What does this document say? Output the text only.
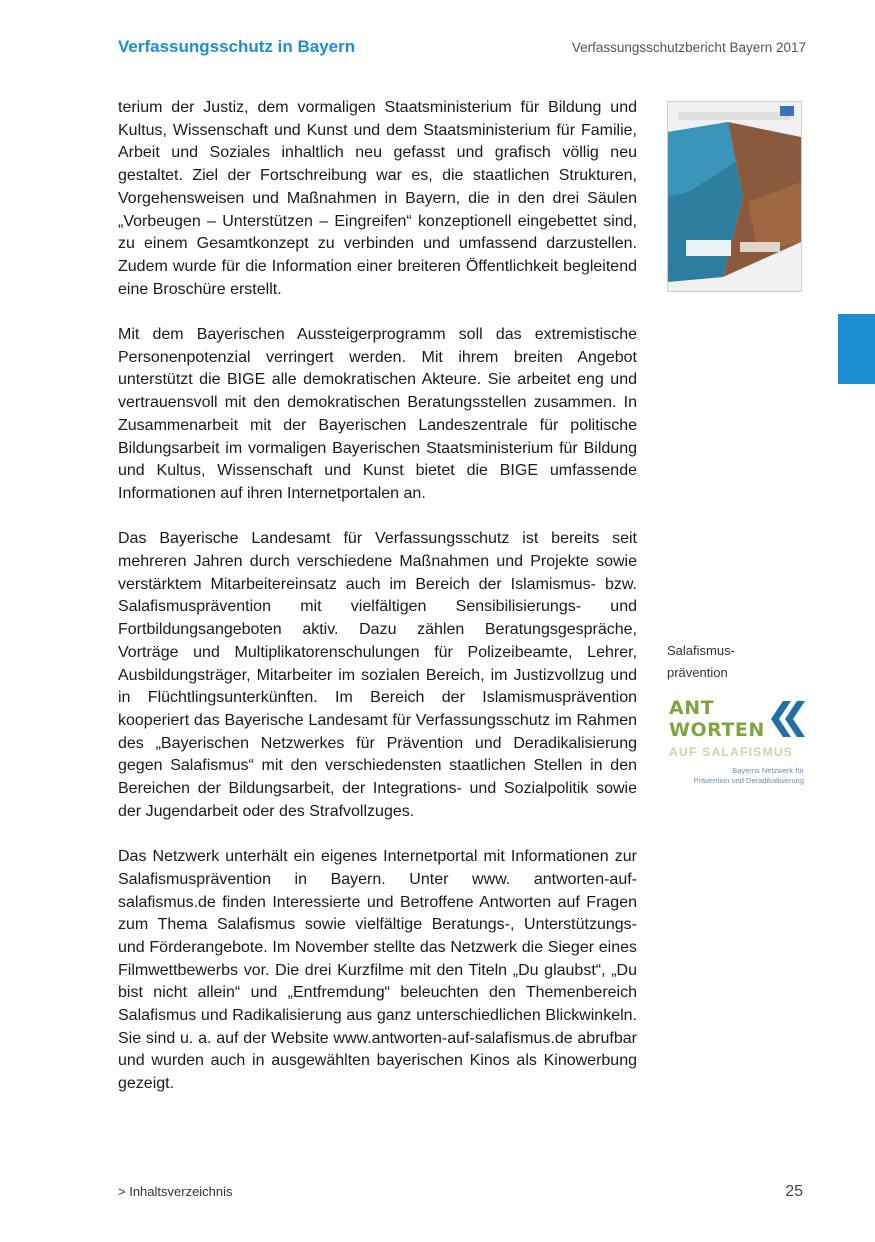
Verfassungsschutz in Bayern	Verfassungsschutzbericht Bayern 2017

terium der Justiz, dem vormaligen Staatsministerium für Bildung und Kultus, Wissenschaft und Kunst und dem Staatsministerium für Familie, Arbeit und Soziales inhaltlich neu gefasst und grafisch völlig neu gestaltet. Ziel der Fortschreibung war es, die staatlichen Strukturen, Vorgehensweisen und Maßnahmen in Bayern, die in den drei Säulen „Vorbeugen – Unterstützen – Eingreifen“ konzeptionell eingebettet sind, zu einem Gesamtkonzept zu verbinden und umfassend darzustellen. Zudem wurde für die Information einer breiteren Öffentlichkeit begleitend eine Broschüre erstellt.

Mit dem Bayerischen Aussteigerprogramm soll das extremistische Personenpotenzial verringert werden. Mit ihrem breiten Angebot unterstützt die BIGE alle demokratischen Akteure. Sie arbeitet eng und vertrauensvoll mit den demokratischen Beratungsstellen zusammen. In Zusammenarbeit mit der Bayerischen Landeszentrale für politische Bildungsarbeit im vormaligen Bayerischen Staatsministerium für Bildung und Kultus, Wissenschaft und Kunst bietet die BIGE umfassende Informationen auf ihren Internetportalen an.

Das Bayerische Landesamt für Verfassungsschutz ist bereits seit mehreren Jahren durch verschiedene Maßnahmen und Projekte sowie verstärktem Mitarbeitereinsatz auch im Bereich der Islamismus- bzw. Salafismusprävention mit vielfältigen Sensibilisierungs- und Fortbildungsangeboten aktiv. Dazu zählen Beratungsgespräche, Vorträge und Multiplikatorenschulungen für Polizeibeamte, Lehrer, Ausbildungsträger, Mitarbeiter im sozialen Bereich, im Justizvollzug und in Flüchtlingsunterkünften. Im Bereich der Islamismusprävention kooperiert das Bayerische Landesamt für Verfassungsschutz im Rahmen des „Bayerischen Netzwerkes für Prävention und Deradikalisierung gegen Salafismus“ mit den verschiedensten staatlichen Stellen in den Bereichen der Bildungsarbeit, der Integrations- und Sozialpolitik sowie der Jugendarbeit oder des Strafvollzuges.

Das Netzwerk unterhält ein eigenes Internetportal mit Informationen zur Salafismusprävention in Bayern. Unter www. antworten-auf-salafismus.de finden Interessierte und Betroffene Antworten auf Fragen zum Thema Salafismus sowie vielfältige Beratungs-, Unterstützungs- und Förderangebote. Im November stellte das Netzwerk die Sieger eines Filmwettbewerbs vor. Die drei Kurzfilme mit den Titeln „Du glaubst“, „Du bist nicht allein“ und „Entfremdung“ beleuchten den Themenbereich Salafismus und Radikalisierung aus ganz unterschiedlichen Blickwinkeln. Sie sind u. a. auf der Website www.antworten-auf-salafismus.de abrufbar und wurden auch in ausgewählten bayerischen Kinos als Kinowerbung gezeigt.

Salafismus-
prävention
ANT
WORTEN
AUF SALAFISMUS
Bayerns Netzwerk für
Prävention und Deradikalisierung
> Inhaltsverzeichnis	25
